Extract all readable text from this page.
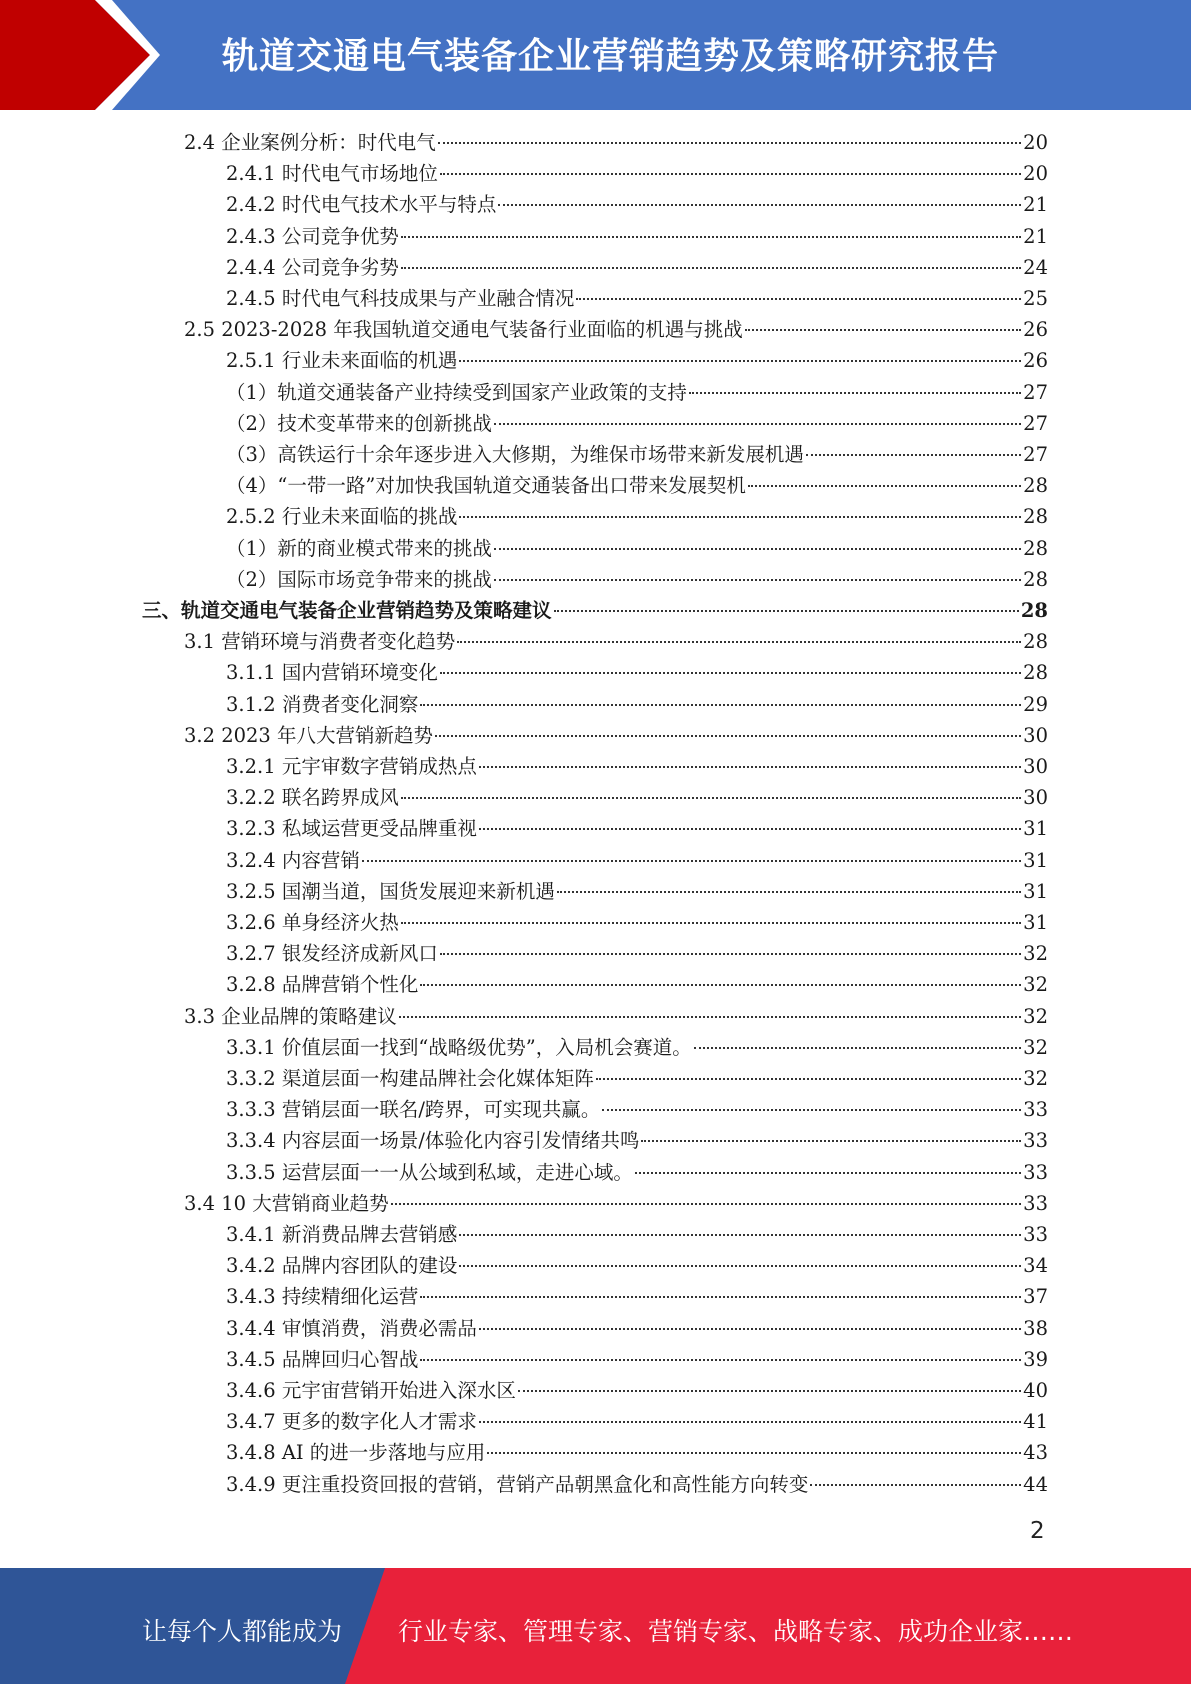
轨道交通电气装备企业营销趋势及策略研究报告
2.4 企业案例分析：时代电气	20
2.4.1 时代电气市场地位	20
2.4.2 时代电气技术水平与特点	21
2.4.3 公司竞争优势	21
2.4.4 公司竞争劣势	24
2.4.5 时代电气科技成果与产业融合情况	25
2.5 2023-2028 年我国轨道交通电气装备行业面临的机遇与挑战	26
2.5.1 行业未来面临的机遇	26
（1）轨道交通装备产业持续受到国家产业政策的支持	27
（2）技术变革带来的创新挑战	27
（3）高铁运行十余年逐步进入大修期，为维保市场带来新发展机遇	27
（4）“一带一路”对加快我国轨道交通装备出口带来发展契机	28
2.5.2 行业未来面临的挑战	28
（1）新的商业模式带来的挑战	28
（2）国际市场竞争带来的挑战	28
三、轨道交通电气装备企业营销趋势及策略建议	28
3.1 营销环境与消费者变化趋势	28
3.1.1 国内营销环境变化	28
3.1.2 消费者变化洞察	29
3.2 2023 年八大营销新趋势	30
3.2.1 元宇审数字营销成热点	30
3.2.2 联名跨界成风	30
3.2.3 私域运营更受品牌重视	31
3.2.4 内容营销	31
3.2.5 国潮当道，国货发展迎来新机遇	31
3.2.6 单身经济火热	31
3.2.7 银发经济成新风口	32
3.2.8 品牌营销个性化	32
3.3 企业品牌的策略建议	32
3.3.1 价值层面一找到“战略级优势”，入局机会赛道。	32
3.3.2 渠道层面一构建品牌社会化媒体矩阵	32
3.3.3 营销层面一联名/跨界，可实现共赢。	33
3.3.4 内容层面一场景/体验化内容引发情绪共鸣	33
3.3.5 运营层面一一从公域到私域，走进心域。	33
3.4 10 大营销商业趋势	33
3.4.1 新消费品牌去营销感	33
3.4.2 品牌内容团队的建设	34
3.4.3 持续精细化运营	37
3.4.4 审慎消费，消费必需品	38
3.4.5 品牌回归心智战	39
3.4.6 元宇宙营销开始进入深水区	40
3.4.7 更多的数字化人才需求	41
3.4.8 AI 的进一步落地与应用	43
3.4.9 更注重投资回报的营销，营销产品朝黑盒化和高性能方向转变	44
2
让每个人都能成为 行业专家、管理专家、营销专家、战略专家、成功企业家……
